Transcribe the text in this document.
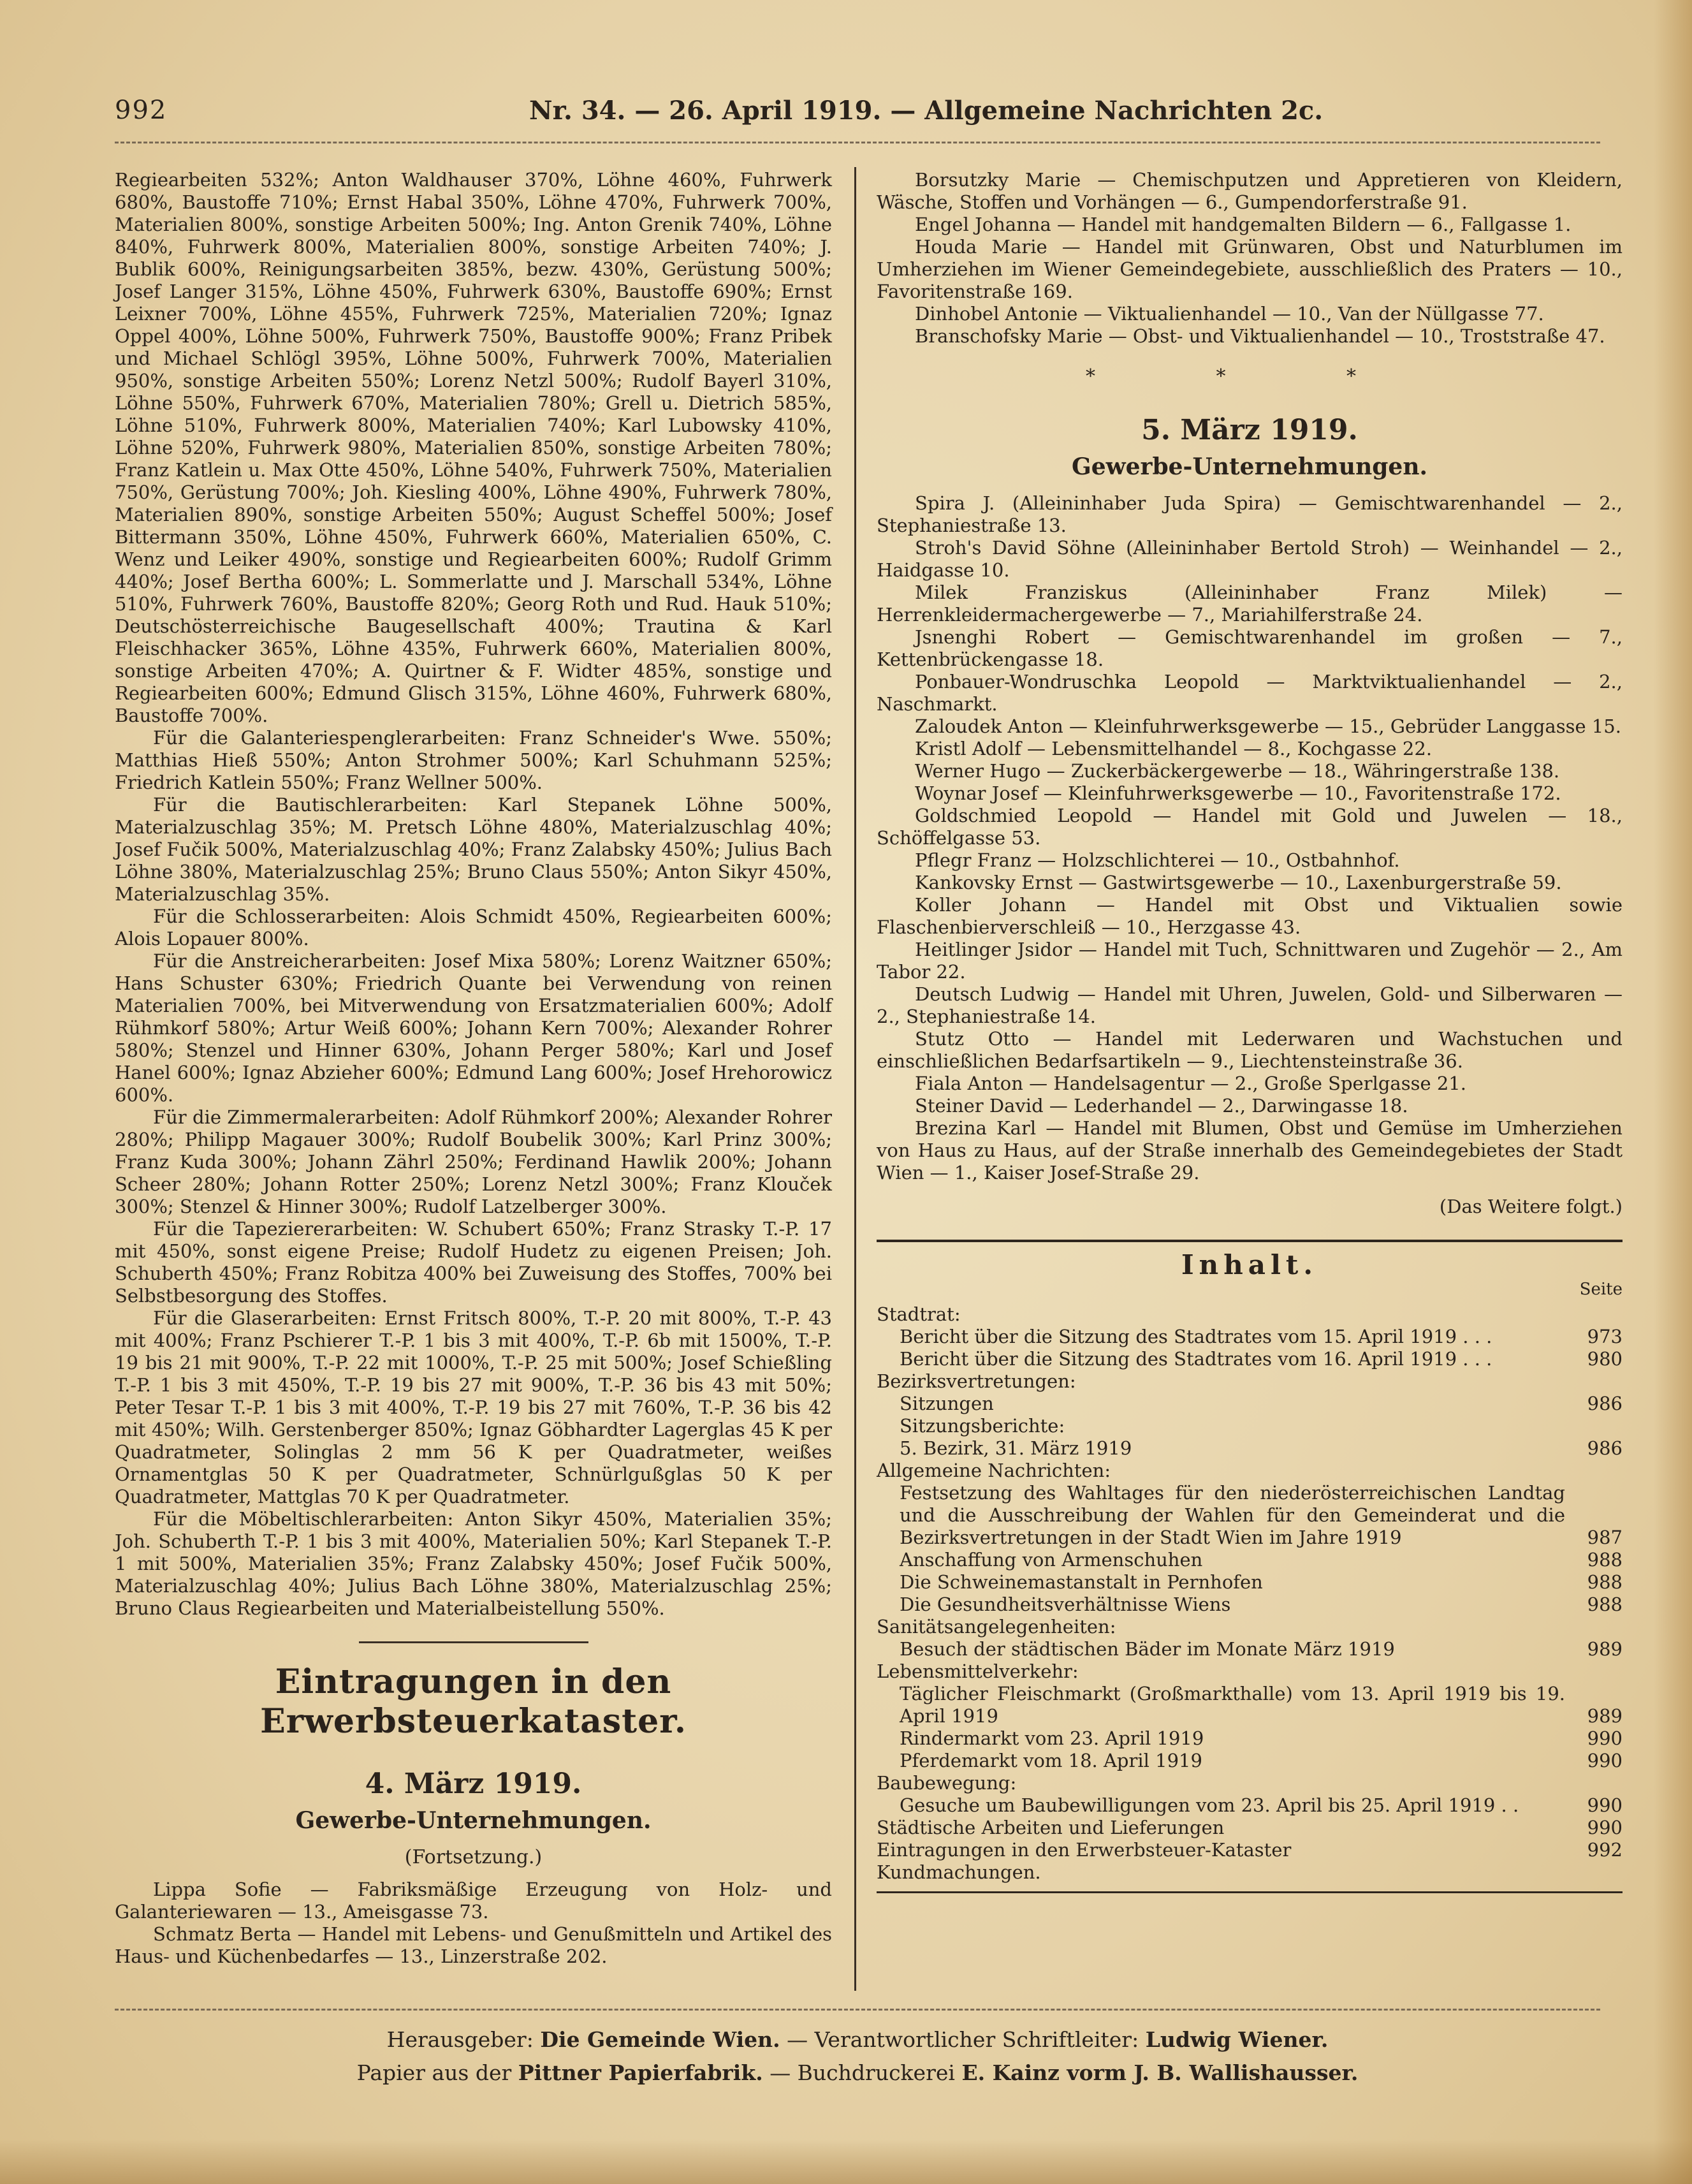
992	Nr. 34. — 26. April 1919. — Allgemeine Nachrichten 2c.

Regiearbeiten 532%; Anton Waldhauser 370%, Löhne 460%, Fuhrwerk 680%, Baustoffe 710%; Ernst Habal 350%, Löhne 470%, Fuhrwerk 700%, Materialien 800%, sonstige Arbeiten 500%; Ing. Anton Grenik 740%, Löhne 840%, Fuhrwerk 800%, Materialien 800%, sonstige Arbeiten 740%; J. Bublik 600%, Reinigungsarbeiten 385%, bezw. 430%, Gerüstung 500%; Josef Langer 315%, Löhne 450%, Fuhrwerk 630%, Baustoffe 690%; Ernst Leixner 700%, Löhne 455%, Fuhrwerk 725%, Materialien 720%; Ignaz Oppel 400%, Löhne 500%, Fuhrwerk 750%, Baustoffe 900%; Franz Pribek und Michael Schlögl 395%, Löhne 500%, Fuhrwerk 700%, Materialien 950%, sonstige Arbeiten 550%; Lorenz Netzl 500%; Rudolf Bayerl 310%, Löhne 550%, Fuhrwerk 670%, Materialien 780%; Grell u. Dietrich 585%, Löhne 510%, Fuhrwerk 800%, Materialien 740%; Karl Lubowsky 410%, Löhne 520%, Fuhrwerk 980%, Materialien 850%, sonstige Arbeiten 780%; Franz Katlein u. Max Otte 450%, Löhne 540%, Fuhrwerk 750%, Materialien 750%, Gerüstung 700%; Joh. Kiesling 400%, Löhne 490%, Fuhrwerk 780%, Materialien 890%, sonstige Arbeiten 550%; August Scheffel 500%; Josef Bittermann 350%, Löhne 450%, Fuhrwerk 660%, Materialien 650%, C. Wenz und Leiker 490%, sonstige und Regiearbeiten 600%; Rudolf Grimm 440%; Josef Bertha 600%; L. Sommerlatte und J. Marschall 534%, Löhne 510%, Fuhrwerk 760%, Baustoffe 820%; Georg Roth und Rud. Hauk 510%; Deutschösterreichische Baugesellschaft 400%; Trautina & Karl Fleischhacker 365%, Löhne 435%, Fuhrwerk 660%, Materialien 800%, sonstige Arbeiten 470%; A. Quirtner & F. Widter 485%, sonstige und Regiearbeiten 600%; Edmund Glisch 315%, Löhne 460%, Fuhrwerk 680%, Baustoffe 700%.

Für die Galanteriespenglerarbeiten: Franz Schneider's Wwe. 550%; Matthias Hieß 550%; Anton Strohmer 500%; Karl Schuhmann 525%; Friedrich Katlein 550%; Franz Wellner 500%.

Für die Bautischlerarbeiten: Karl Stepanek Löhne 500%, Materialzuschlag 35%; M. Pretsch Löhne 480%, Materialzuschlag 40%; Josef Fučik 500%, Materialzuschlag 40%; Franz Zalabsky 450%; Julius Bach Löhne 380%, Materialzuschlag 25%; Bruno Claus 550%; Anton Sikyr 450%, Materialzuschlag 35%.

Für die Schlosserarbeiten: Alois Schmidt 450%, Regiearbeiten 600%; Alois Lopauer 800%.

Für die Anstreicherarbeiten: Josef Mixa 580%; Lorenz Waitzner 650%; Hans Schuster 630%; Friedrich Quante bei Verwendung von reinen Materialien 700%, bei Mitverwendung von Ersatzmaterialien 600%; Adolf Rühmkorf 580%; Artur Weiß 600%; Johann Kern 700%; Alexander Rohrer 580%; Stenzel und Hinner 630%, Johann Perger 580%; Karl und Josef Hanel 600%; Ignaz Abzieher 600%; Edmund Lang 600%; Josef Hrehorowicz 600%.

Für die Zimmermalerarbeiten: Adolf Rühmkorf 200%; Alexander Rohrer 280%; Philipp Magauer 300%; Rudolf Boubelik 300%; Karl Prinz 300%; Franz Kuda 300%; Johann Zährl 250%; Ferdinand Hawlik 200%; Johann Scheer 280%; Johann Rotter 250%; Lorenz Netzl 300%; Franz Klouček 300%; Stenzel & Hinner 300%; Rudolf Latzelberger 300%.

Für die Tapeziererarbeiten: W. Schubert 650%; Franz Strasky T.-P. 17 mit 450%, sonst eigene Preise; Rudolf Hudetz zu eigenen Preisen; Joh. Schuberth 450%; Franz Robitza 400% bei Zuweisung des Stoffes, 700% bei Selbstbesorgung des Stoffes.

Für die Glaserarbeiten: Ernst Fritsch 800%, T.-P. 20 mit 800%, T.-P. 43 mit 400%; Franz Pschierer T.-P. 1 bis 3 mit 400%, T.-P. 6b mit 1500%, T.-P. 19 bis 21 mit 900%, T.-P. 22 mit 1000%, T.-P. 25 mit 500%; Josef Schießling T.-P. 1 bis 3 mit 450%, T.-P. 19 bis 27 mit 900%, T.-P. 36 bis 43 mit 50%; Peter Tesar T.-P. 1 bis 3 mit 400%, T.-P. 19 bis 27 mit 760%, T.-P. 36 bis 42 mit 450%; Wilh. Gerstenberger 850%; Ignaz Göbhardter Lagerglas 45 K per Quadratmeter, Solinglas 2 mm 56 K per Quadratmeter, weißes Ornamentglas 50 K per Quadratmeter, Schnürlgußglas 50 K per Quadratmeter, Mattglas 70 K per Quadratmeter.

Für die Möbeltischlerarbeiten: Anton Sikyr 450%, Materialien 35%; Joh. Schuberth T.-P. 1 bis 3 mit 400%, Materialien 50%; Karl Stepanek T.-P. 1 mit 500%, Materialien 35%; Franz Zalabsky 450%; Josef Fučik 500%, Materialzuschlag 40%; Julius Bach Löhne 380%, Materialzuschlag 25%; Bruno Claus Regiearbeiten und Materialbeistellung 550%.

Eintragungen in den Erwerbsteuerkataster.
4. März 1919.
Gewerbe-Unternehmungen.
(Fortsetzung.)

Lippa Sofie — Fabriksmäßige Erzeugung von Holz- und Galanteriewaren — 13., Ameisgasse 73.

Schmatz Berta — Handel mit Lebens- und Genußmitteln und Artikel des Haus- und Küchenbedarfes — 13., Linzerstraße 202.

Borsutzky Marie — Chemischputzen und Appretieren von Kleidern, Wäsche, Stoffen und Vorhängen — 6., Gumpendorferstraße 91.

Engel Johanna — Handel mit handgemalten Bildern — 6., Fallgasse 1.

Houda Marie — Handel mit Grünwaren, Obst und Naturblumen im Umherziehen im Wiener Gemeindegebiete, ausschließlich des Praters — 10., Favoritenstraße 169.

Dinhobel Antonie — Viktualienhandel — 10., Van der Nüllgasse 77.

Branschofsky Marie — Obst- und Viktualienhandel — 10., Troststraße 47.

* * *
5. März 1919.
Gewerbe-Unternehmungen.

Spira J. (Alleininhaber Juda Spira) — Gemischtwarenhandel — 2., Stephaniestraße 13.

Stroh's David Söhne (Alleininhaber Bertold Stroh) — Weinhandel — 2., Haidgasse 10.

Milek Franziskus (Alleininhaber Franz Milek) — Herrenkleidermachergewerbe — 7., Mariahilferstraße 24.

Jsnenghi Robert — Gemischtwarenhandel im großen — 7., Kettenbrückengasse 18.

Ponbauer-Wondruschka Leopold — Marktviktualienhandel — 2., Naschmarkt.

Zaloudek Anton — Kleinfuhrwerksgewerbe — 15., Gebrüder Langgasse 15.

Kristl Adolf — Lebensmittelhandel — 8., Kochgasse 22.

Werner Hugo — Zuckerbäckergewerbe — 18., Währingerstraße 138.

Woynar Josef — Kleinfuhrwerksgewerbe — 10., Favoritenstraße 172.

Goldschmied Leopold — Handel mit Gold und Juwelen — 18., Schöffelgasse 53.

Pflegr Franz — Holzschlichterei — 10., Ostbahnhof.

Kankovsky Ernst — Gastwirtsgewerbe — 10., Laxenburgerstraße 59.

Koller Johann — Handel mit Obst und Viktualien sowie Flaschenbierverschleiß — 10., Herzgasse 43.

Heitlinger Jsidor — Handel mit Tuch, Schnittwaren und Zugehör — 2., Am Tabor 22.

Deutsch Ludwig — Handel mit Uhren, Juwelen, Gold- und Silberwaren — 2., Stephaniestraße 14.

Stutz Otto — Handel mit Lederwaren und Wachstuchen und einschließlichen Bedarfsartikeln — 9., Liechtensteinstraße 36.

Fiala Anton — Handelsagentur — 2., Große Sperlgasse 21.

Steiner David — Lederhandel — 2., Darwingasse 18.

Brezina Karl — Handel mit Blumen, Obst und Gemüse im Umherziehen von Haus zu Haus, auf der Straße innerhalb des Gemeindegebietes der Stadt Wien — 1., Kaiser Josef-Straße 29.

(Das Weitere folgt.)

Inhalt.
Seite
Stadtrat:
Bericht über die Sitzung des Stadtrates vom 15. April 1919 . . .	973
Bericht über die Sitzung des Stadtrates vom 16. April 1919 . . .	980
Bezirksvertretungen:
Sitzungen	986
Sitzungsberichte:
5. Bezirk, 31. März 1919	986
Allgemeine Nachrichten:
Festsetzung des Wahltages für den niederösterreichischen Landtag und die Ausschreibung der Wahlen für den Gemeinderat und die Bezirksvertretungen in der Stadt Wien im Jahre 1919	987
Anschaffung von Armenschuhen	988
Die Schweinemastanstalt in Pernhofen	988
Die Gesundheitsverhältnisse Wiens	988
Sanitätsangelegenheiten:
Besuch der städtischen Bäder im Monate März 1919	989
Lebensmittelverkehr:
Täglicher Fleischmarkt (Großmarkthalle) vom 13. April 1919 bis 19. April 1919	989
Rindermarkt vom 23. April 1919	990
Pferdemarkt vom 18. April 1919	990
Baubewegung:
Gesuche um Baubewilligungen vom 23. April bis 25. April 1919 . .	990
Städtische Arbeiten und Lieferungen	990
Eintragungen in den Erwerbsteuer-Kataster	992
Kundmachungen.

Herausgeber: Die Gemeinde Wien. — Verantwortlicher Schriftleiter: Ludwig Wiener.

Papier aus der Pittner Papierfabrik. — Buchdruckerei E. Kainz vorm J. B. Wallishausser.
